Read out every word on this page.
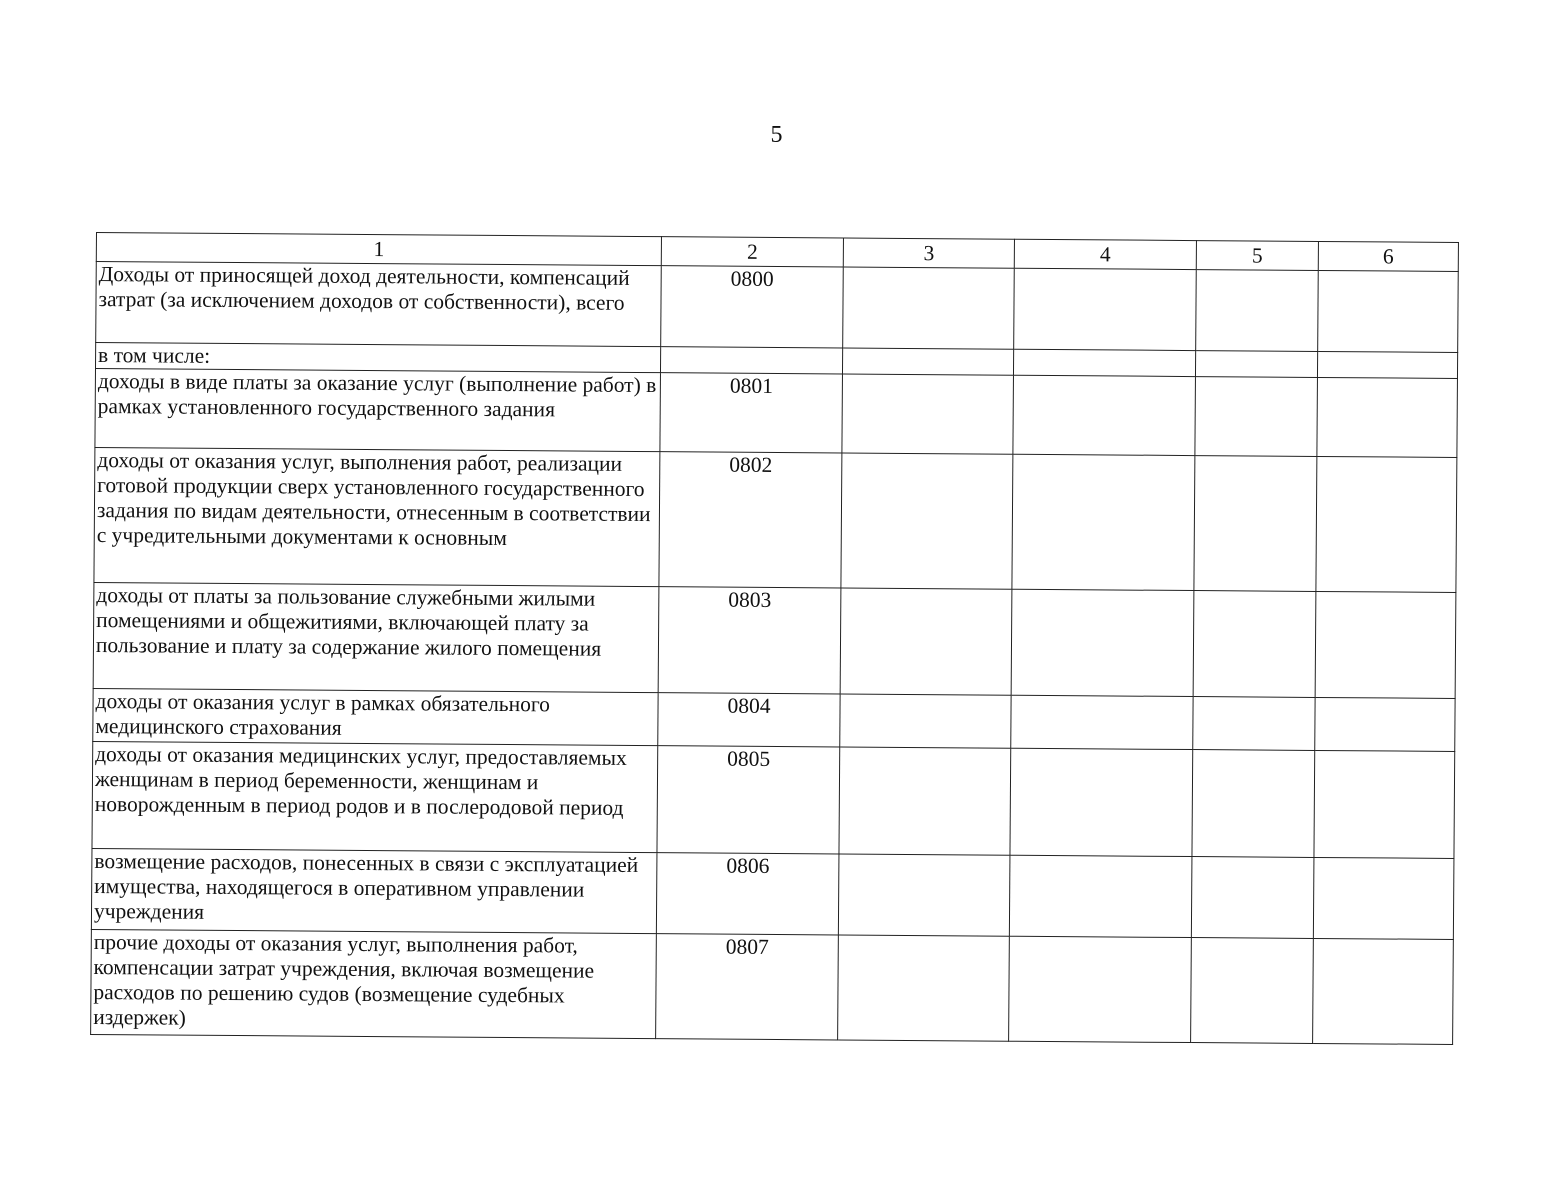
5
1	2	3	4	5	6
Доходы от приносящей доход деятельности, компенсаций затрат (за исключением доходов от собственности), всего	0800				
в том числе:					
доходы в виде платы за оказание услуг (выполнение работ) в рамках установленного государственного задания	0801				
доходы от оказания услуг, выполнения работ, реализации готовой продукции сверх установленного государственного задания по видам деятельности, отнесенным в соответствии с учредительными документами к основным	0802				
доходы от платы за пользование служебными жилыми помещениями и общежитиями, включающей плату за пользование и плату за содержание жилого помещения	0803				
доходы от оказания услуг в рамках обязательного медицинского страхования	0804				
доходы от оказания медицинских услуг, предоставляемых женщинам в период беременности, женщинам и новорожденным в период родов и в послеродовой период	0805				
возмещение расходов, понесенных в связи с эксплуатацией имущества, находящегося в оперативном управлении учреждения	0806				
прочие доходы от оказания услуг, выполнения работ, компенсации затрат учреждения, включая возмещение расходов по решению судов (возмещение судебных издержек)	0807				
